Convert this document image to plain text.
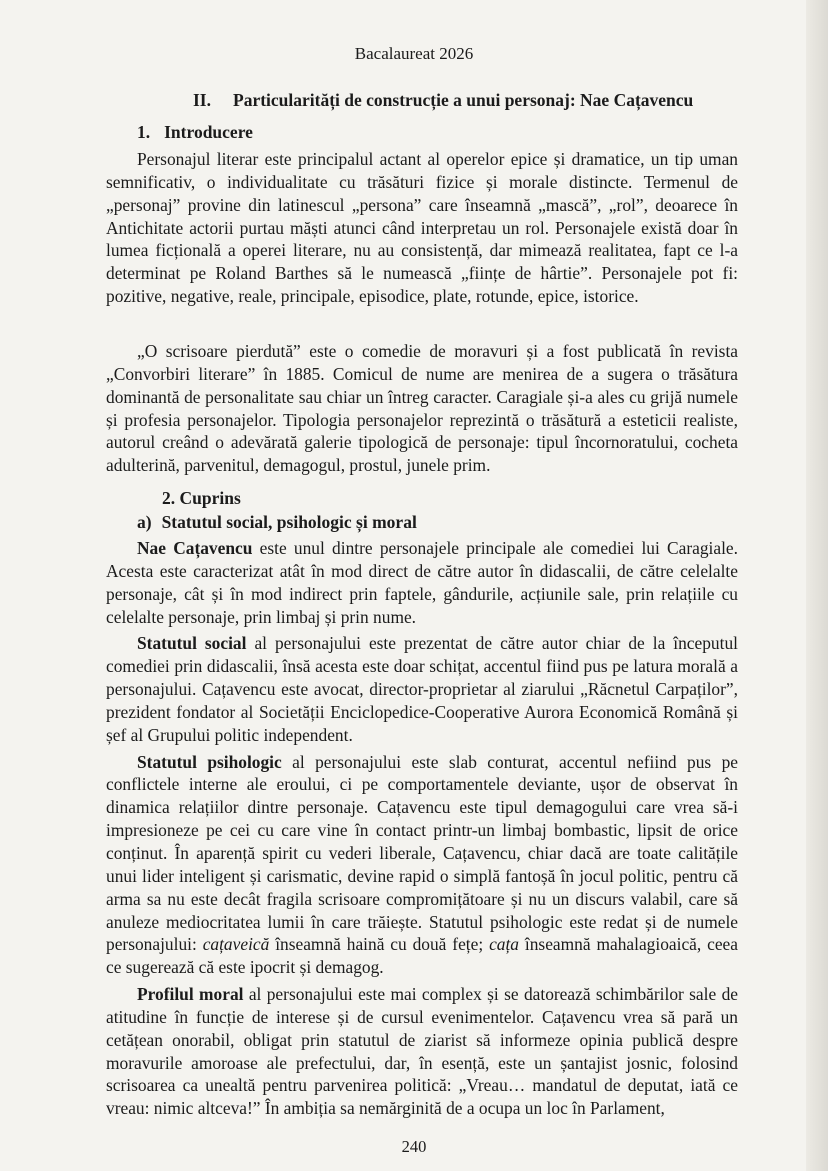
Bacalaureat 2026
II. Particularități de construcție a unui personaj: Nae Cațavencu
1. Introducere

Personajul literar este principalul actant al operelor epice și dramatice, un tip uman semnificativ, o individualitate cu trăsături fizice și morale distincte. Termenul de „personaj” provine din latinescul „persona” care înseamnă „mască”, „rol”, deoarece în Antichitate actorii purtau măști atunci când interpretau un rol. Personajele există doar în lumea ficțională a operei literare, nu au consistență, dar mimează realitatea, fapt ce l-a determinat pe Roland Barthes să le numească „ființe de hârtie”. Personajele pot fi: pozitive, negative, reale, principale, episodice, plate, rotunde, epice, istorice.

„O scrisoare pierdută” este o comedie de moravuri și a fost publicată în revista „Convorbiri literare” în 1885. Comicul de nume are menirea de a sugera o trăsătura dominantă de personalitate sau chiar un întreg caracter. Caragiale și-a ales cu grijă numele și profesia personajelor. Tipologia personajelor reprezintă o trăsătură a esteticii realiste, autorul creând o adevărată galerie tipologică de personaje: tipul încornoratului, cocheta adulterină, parvenitul, demagogul, prostul, junele prim.

2. Cuprins
a) Statutul social, psihologic și moral

Nae Cațavencu este unul dintre personajele principale ale comediei lui Caragiale. Acesta este caracterizat atât în mod direct de către autor în didascalii, de către celelalte personaje, cât și în mod indirect prin faptele, gândurile, acțiunile sale, prin relațiile cu celelalte personaje, prin limbaj și prin nume.

Statutul social al personajului este prezentat de către autor chiar de la începutul comediei prin didascalii, însă acesta este doar schițat, accentul fiind pus pe latura morală a personajului. Cațavencu este avocat, director-proprietar al ziarului „Răcnetul Carpaților”, prezident fondator al Societății Enciclopedice-Cooperative Aurora Economică Română și șef al Grupului politic independent.

Statutul psihologic al personajului este slab conturat, accentul nefiind pus pe conflictele interne ale eroului, ci pe comportamentele deviante, ușor de observat în dinamica relațiilor dintre personaje. Cațavencu este tipul demagogului care vrea să-i impresioneze pe cei cu care vine în contact printr-un limbaj bombastic, lipsit de orice conținut. În aparență spirit cu vederi liberale, Cațavencu, chiar dacă are toate calitățile unui lider inteligent și carismatic, devine rapid o simplă fantoșă în jocul politic, pentru că arma sa nu este decât fragila scrisoare compromițătoare și nu un discurs valabil, care să anuleze mediocritatea lumii în care trăiește. Statutul psihologic este redat și de numele personajului: cațaveică înseamnă haină cu două fețe; cața înseamnă mahalagioaică, ceea ce sugerează că este ipocrit și demagog.

Profilul moral al personajului este mai complex și se datorează schimbărilor sale de atitudine în funcție de interese și de cursul evenimentelor. Cațavencu vrea să pară un cetățean onorabil, obligat prin statutul de ziarist să informeze opinia publică despre moravurile amoroase ale prefectului, dar, în esență, este un șantajist josnic, folosind scrisoarea ca unealtă pentru parvenirea politică: „Vreau… mandatul de deputat, iată ce vreau: nimic altceva!” În ambiția sa nemărginită de a ocupa un loc în Parlament,

240
